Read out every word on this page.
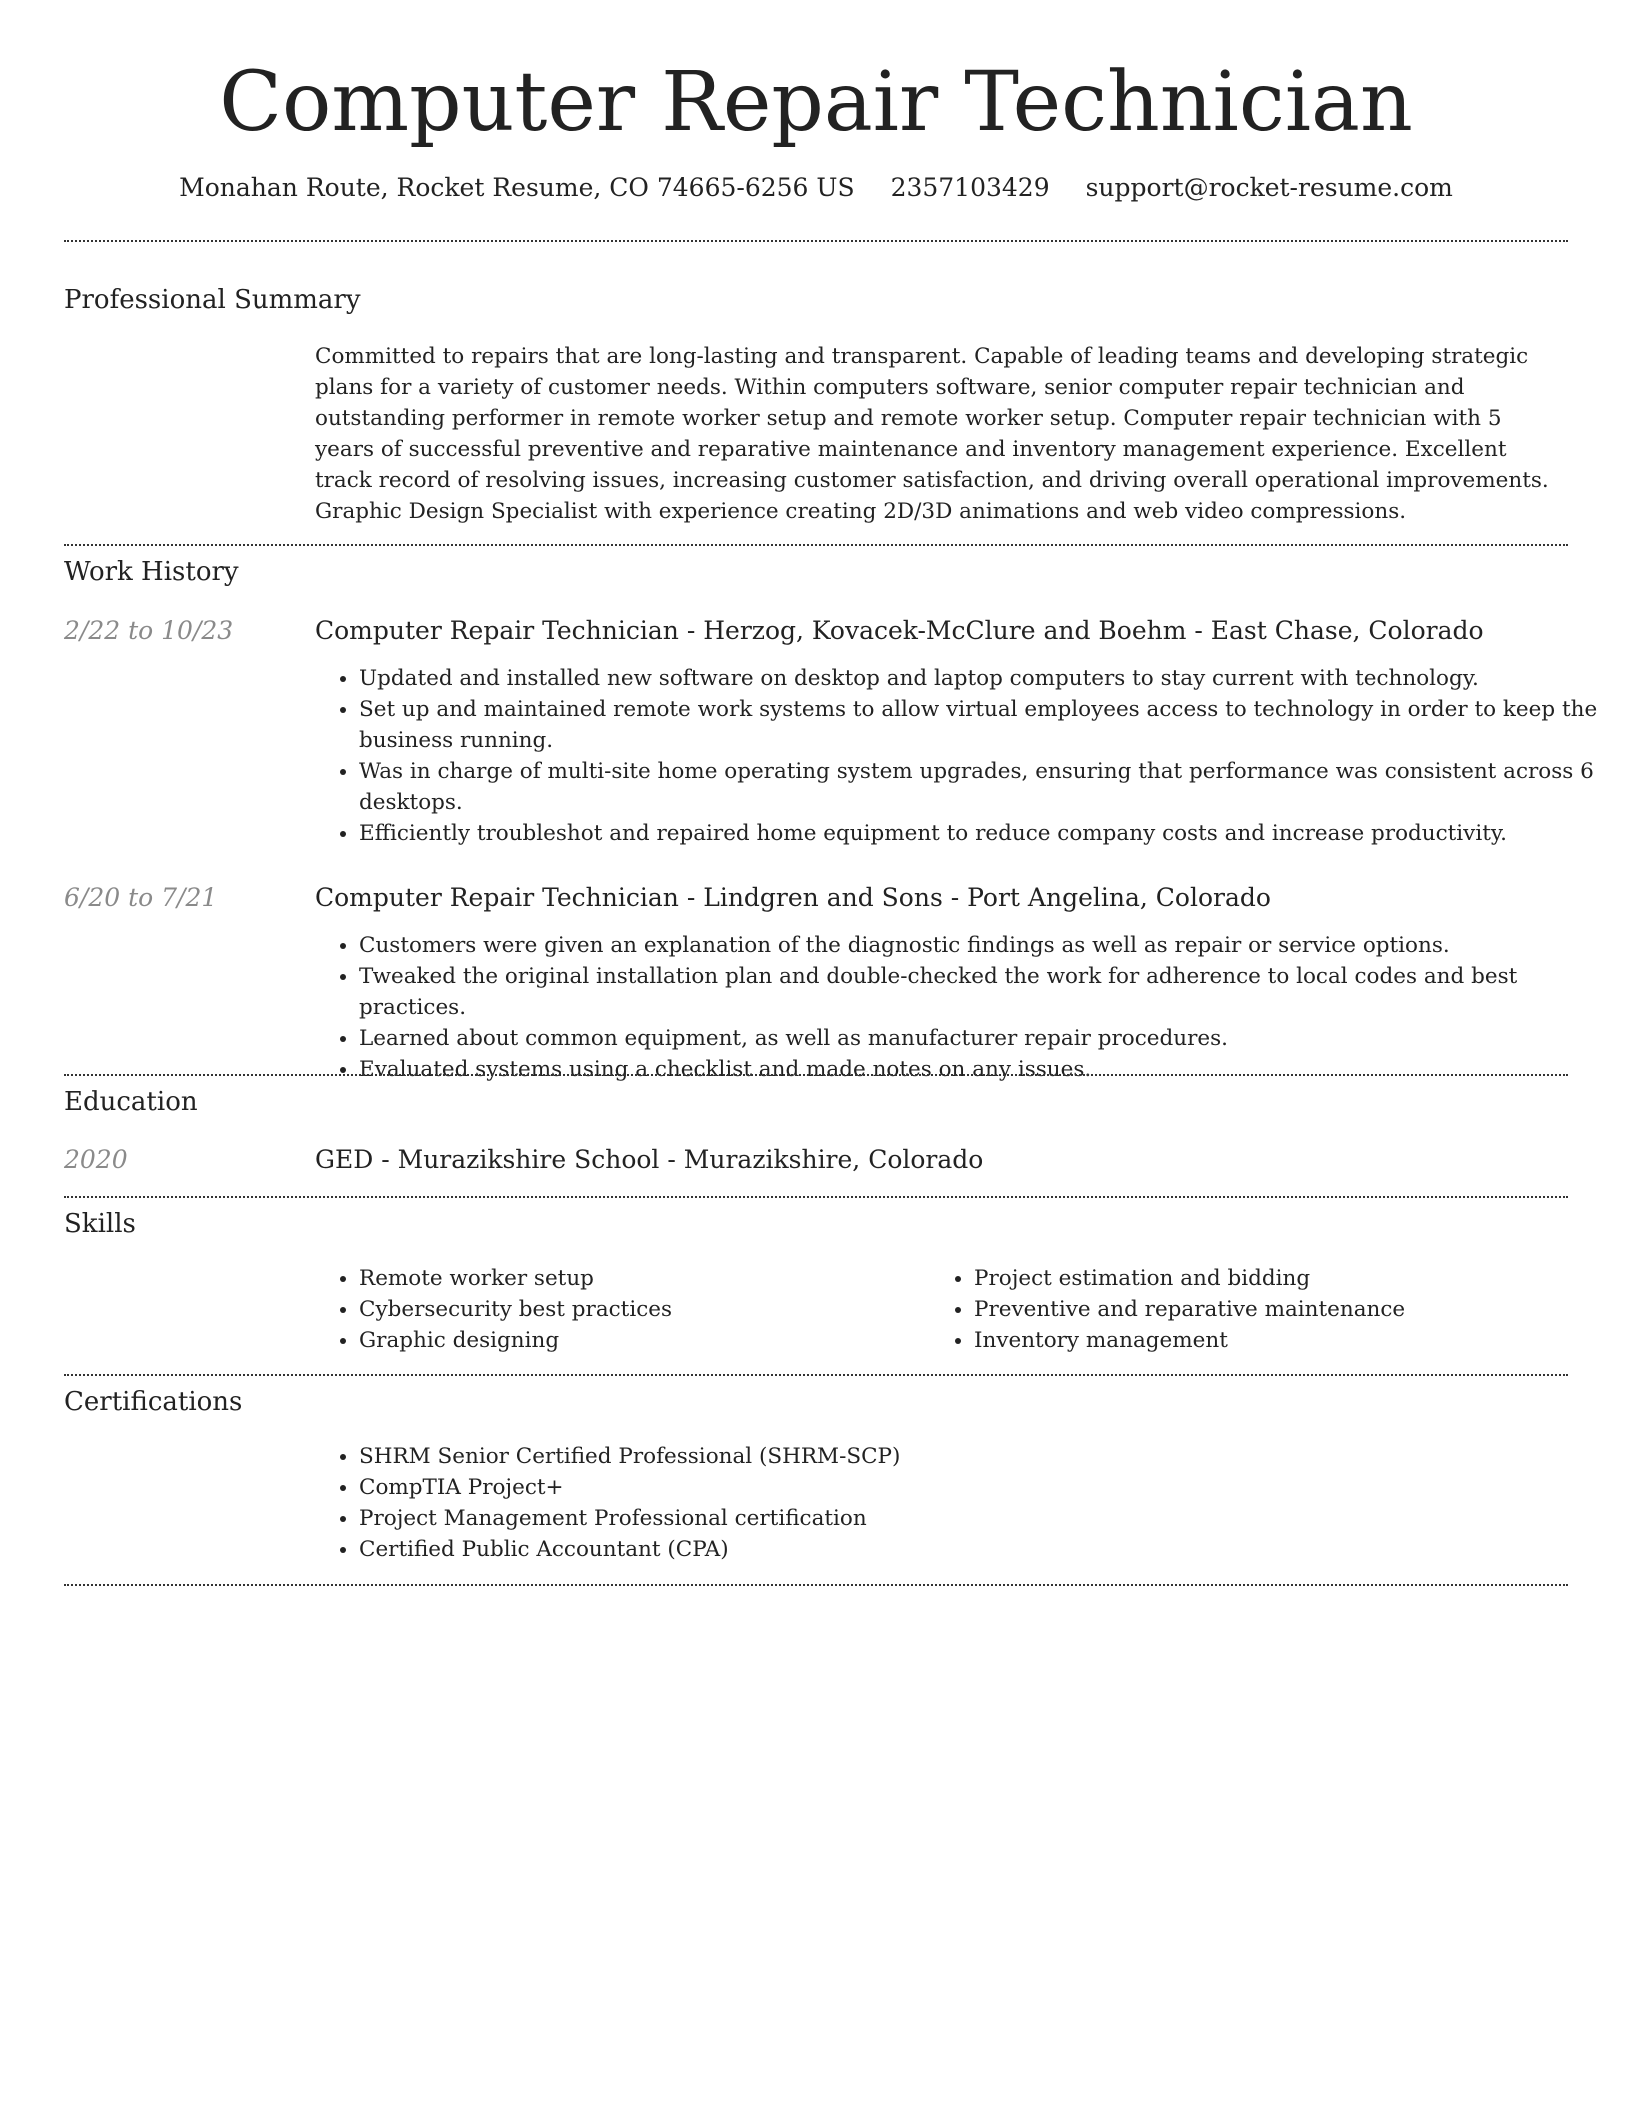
Computer Repair Technician
Monahan Route, Rocket Resume, CO 74665-6256 US 2357103429 support@rocket-resume.com
Professional Summary

Committed to repairs that are long-lasting and transparent. Capable of leading teams and developing strategic plans for a variety of customer needs. Within computers software, senior computer repair technician and outstanding performer in remote worker setup and remote worker setup. Computer repair technician with 5 years of successful preventive and reparative maintenance and inventory management experience. Excellent track record of resolving issues, increasing customer satisfaction, and driving overall operational improvements. Graphic Design Specialist with experience creating 2D/3D animations and web video compressions.

Work History
2/22 to 10/23	Computer Repair Technician - Herzog, Kovacek-McClure and Boehm - East Chase, Colorado
• Updated and installed new software on desktop and laptop computers to stay current with technology.
• Set up and maintained remote work systems to allow virtual employees access to technology in order to keep the business running.
• Was in charge of multi-site home operating system upgrades, ensuring that performance was consistent across 6 desktops.
• Efficiently troubleshot and repaired home equipment to reduce company costs and increase productivity.
6/20 to 7/21	Computer Repair Technician - Lindgren and Sons - Port Angelina, Colorado
• Customers were given an explanation of the diagnostic findings as well as repair or service options.
• Tweaked the original installation plan and double-checked the work for adherence to local codes and best practices.
• Learned about common equipment, as well as manufacturer repair procedures.
• Evaluated systems using a checklist and made notes on any issues.
Education
2020	GED - Murazikshire School - Murazikshire, Colorado
Skills
• Remote worker setup
• Cybersecurity best practices
• Graphic designing
• Project estimation and bidding
• Preventive and reparative maintenance
• Inventory management
Certifications
• SHRM Senior Certified Professional (SHRM-SCP)
• CompTIA Project+
• Project Management Professional certification
• Certified Public Accountant (CPA)
